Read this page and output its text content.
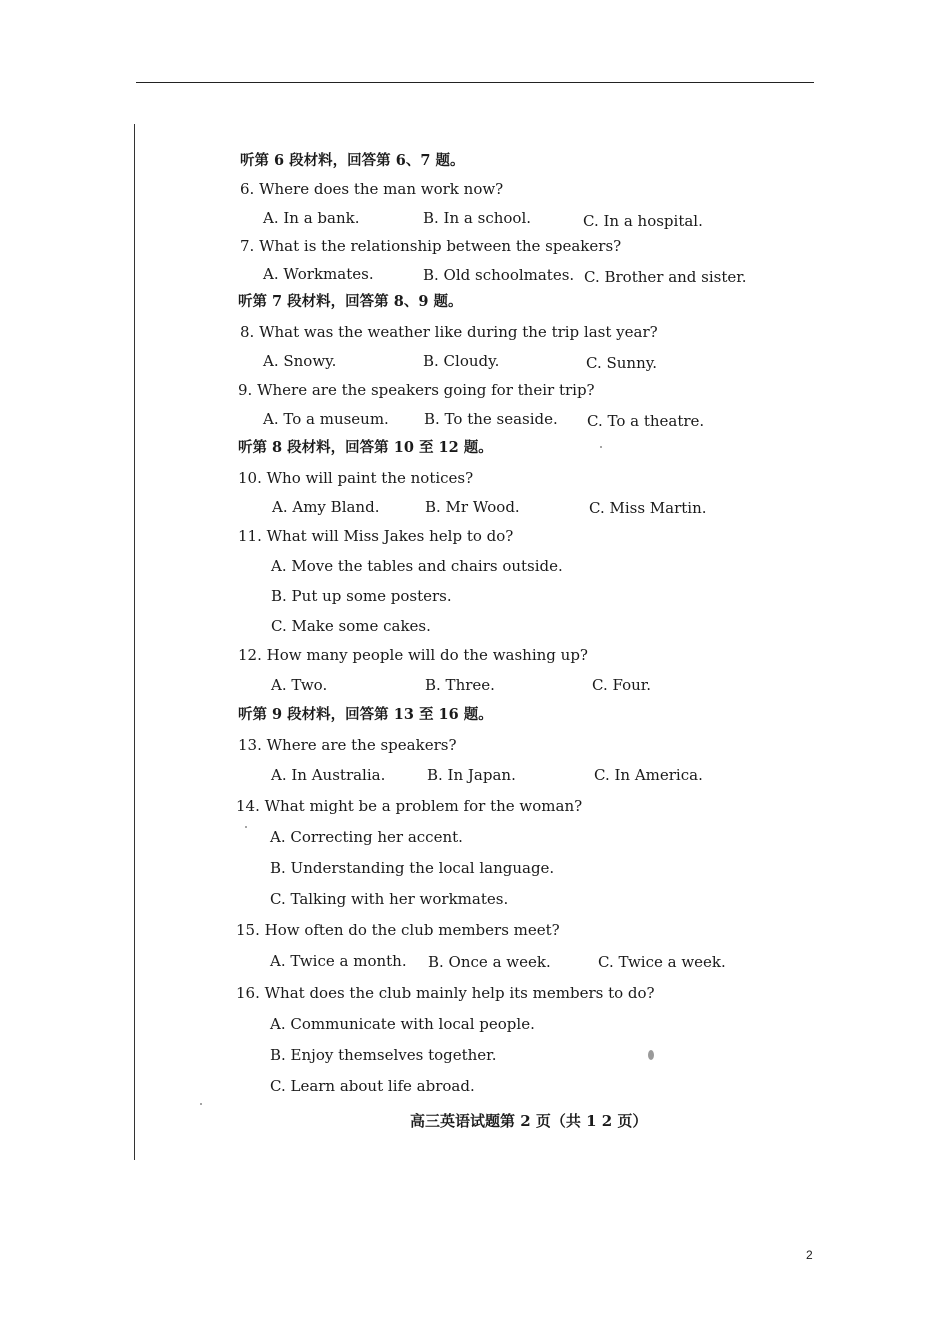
听第 6 段材料，回答第 6、7 题。
6. Where does the man work now?
A. In a bank.	B. In a school.	C. In a hospital.
7. What is the relationship between the speakers?
A. Workmates.	B. Old schoolmates. C. Brother and sister.
听第 7 段材料，回答第 8、9 题。
8. What was the weather like during the trip last year?
A. Snowy.	B. Cloudy.	C. Sunny.
9. Where are the speakers going for their trip?
A. To a museum. B. To the seaside. C. To a theatre.
听第 8 段材料，回答第 10 至 12 题。
10. Who will paint the notices?
A. Amy Bland.	B. Mr Wood.	C. Miss Martin.
11. What will Miss Jakes help to do?
A. Move the tables and chairs outside.
B. Put up some posters.
C. Make some cakes.
12. How many people will do the washing up?
A. Two.	B. Three.	C. Four.
听第 9 段材料，回答第 13 至 16 题。
13. Where are the speakers?
A. In Australia.	B. In Japan.	C. In America.
14. What might be a problem for the woman?
A. Correcting her accent.
B. Understanding the local language.
C. Talking with her workmates.
15. How often do the club members meet?
A. Twice a month. B. Once a week.	C. Twice a week.
16. What does the club mainly help its members to do?
A. Communicate with local people.
B. Enjoy themselves together.
C. Learn about life abroad.
高三英语试题第 2 页（共 1 2 页）
2
